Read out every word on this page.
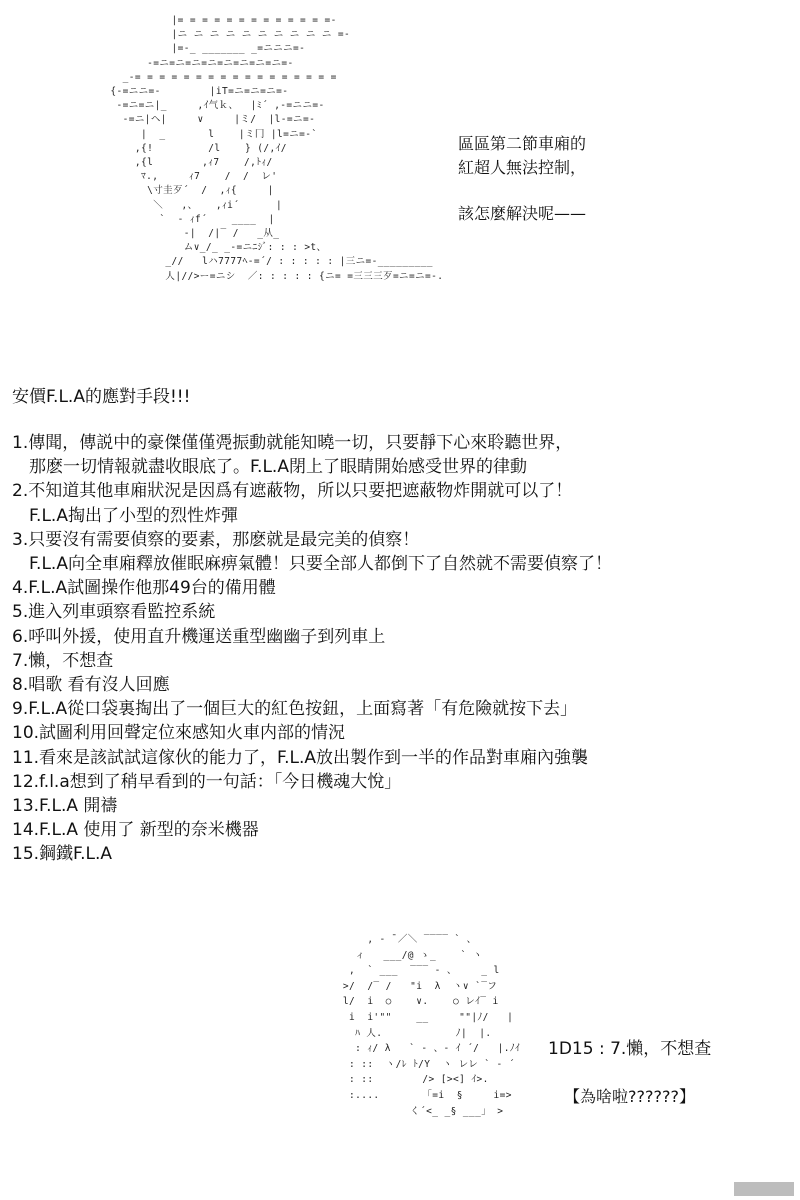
|= = = = = = = = = = = = =-
|ニ ニ ニ ニ ニ ニ ニ ニ ニ ニ =-
|=-_ _______ _=ニニニ=-
-=ニ=ニ=ニ=ニ=ニ=ニ=ニ=ニ=-
_-= = = = = = = = = = = = = = = = =
{-=ニニ=-        |iT=ニ=ニ=ニ=-
-=ニ=ニ|_     ,ｲ气ｋ、  |ﾐ´ ,-=ニニ=-
-=ニ|ヘ|     ∨     |ミ/  |l-=ニ=-
|  _       l    |ミ冂 |l=ニ=-`
,{!         /l    } (/,ｲ/
,{l        ,ｨ7    /,ﾄｨ/
ﾏ.,     ｨ7    /  /  レ'
\寸圭歹´  /  ,ｨ{     |
＼   ,、   ,ｨi´      |
`  - ｨf´    ____  |
-|  /|‾ /   _从_
ム∨_/_ _-=ニﾆｼﾞ: : : >t、
_//   lハ7777ﾍ-=´/ : : : : : |三ニ=-_________
人|//>ー=ニシ  ／: : : : : {ニ= =三三三歹=ニ=ニ=-.
區區第二節車廂的
紅超人無法控制，
該怎麼解決呢——
安價F.L.A的應對手段!!!
1.傳聞，傳説中的豪傑僅僅凴振動就能知曉一切，只要靜下心來聆聽世界，
那麽一切情報就盡收眼底了。F.L.A閉上了眼睛開始感受世界的律動
2.不知道其他車廂狀況是因爲有遮蔽物，所以只要把遮蔽物炸開就可以了！
F.L.A掏出了小型的烈性炸彈
3.只要沒有需要偵察的要素，那麽就是最完美的偵察！
F.L.A向全車廂釋放催眠麻痹氣體！只要全部人都倒下了自然就不需要偵察了！
4.F.L.A試圖操作他那49台的備用體
5.進入列車頭察看監控系統
6.呼叫外援，使用直升機運送重型幽幽子到列車上
7.懶，不想查
8.唱歌 看有沒人回應
9.F.L.A從口袋裏掏出了一個巨大的紅色按鈕，上面寫著「有危險就按下去」
10.試圖利用回聲定位來感知火車内部的情況
11.看來是該試試這傢伙的能力了，F.L.A放出製作到一半的作品對車廂內強襲
12.f.l.a想到了稍早看到的一句話：「今日機魂大悅」
13.F.L.A 開禱
14.F.L.A 使用了 新型的奈米機器
15.鋼鐵F.L.A
, ‐ ̄ ／＼ ‾‾‾‾ ` 、
ィ   ___/@ ゝ_    ` ヽ
,  ` ___  ‾‾‾ - 、    _ l
>/  /‾ /   "i  λ  ヽ∨ `‾フ
l/  i  ○    ∨.    ○ レｲ‾ i
i  i'""    __     ""|ﾉ/   |
ﾊ 人.            ﾉ|  |.
: ｨ/ λ   ` - 、- ｲ ´/   |.ﾉｲ
: ::  ヽ/ﾚ ﾄ/Y  ヽ レレ ` - ´
: ::        /> [><] ｲ>.
:....       「=i  §     i=>
く´<_ _§ ___」 >
1D15 : 7.懶，不想查
【為啥啦??????】
